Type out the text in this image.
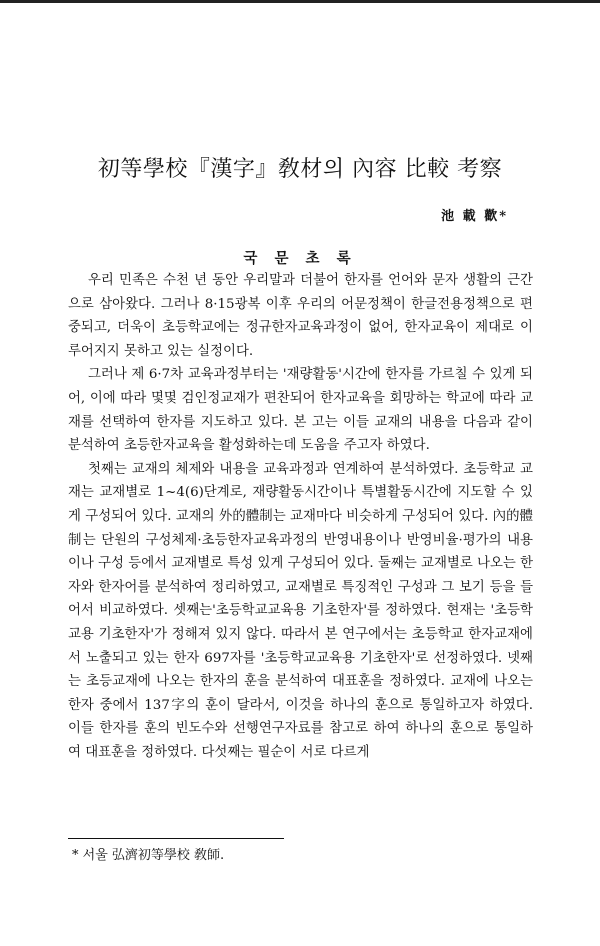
初等學校『漢字』敎材의 內容 比較 考察
池 載 歡*
국 문 초 록

우리 민족은 수천 년 동안 우리말과 더불어 한자를 언어와 문자 생활의 근간으로 삼아왔다. 그러나 8·15광복 이후 우리의 어문정책이 한글전용정책으로 편중되고, 더욱이 초등학교에는 정규한자교육과정이 없어, 한자교육이 제대로 이루어지지 못하고 있는 실정이다.

그러나 제 6·7차 교육과정부터는 '재량활동'시간에 한자를 가르칠 수 있게 되어, 이에 따라 몇몇 검인정교재가 편찬되어 한자교육을 회망하는 학교에 따라 교재를 선택하여 한자를 지도하고 있다. 본 고는 이들 교재의 내용을 다음과 같이 분석하여 초등한자교육을 활성화하는데 도움을 주고자 하였다.

첫째는 교재의 체제와 내용을 교육과정과 연계하여 분석하였다. 초등학교 교재는 교재별로 1~4(6)단계로, 재량활동시간이나 특별활동시간에 지도할 수 있게 구성되어 있다. 교재의 外的體制는 교재마다 비슷하게 구성되어 있다. 內的體制는 단원의 구성체제·초등한자교육과정의 반영내용이나 반영비율·평가의 내용이나 구성 등에서 교재별로 특성 있게 구성되어 있다. 둘째는 교재별로 나오는 한자와 한자어를 분석하여 정리하였고, 교재별로 특징적인 구성과 그 보기 등을 들어서 비교하였다. 셋째는'초등학교교육용 기초한자'를 정하였다. 현재는 '초등학교용 기초한자'가 정해져 있지 않다. 따라서 본 연구에서는 초등학교 한자교재에서 노출되고 있는 한자 697자를 '초등학교교육용 기초한자'로 선정하였다. 넷째는 초등교재에 나오는 한자의 훈을 분석하여 대표훈을 정하였다. 교재에 나오는 한자 중에서 137字의 훈이 달라서, 이것을 하나의 훈으로 통일하고자 하였다. 이들 한자를 훈의 빈도수와 선행연구자료를 참고로 하여 하나의 훈으로 통일하여 대표훈을 정하였다. 다섯째는 필순이 서로 다르게

* 서울 弘濟初等學校 敎師.
